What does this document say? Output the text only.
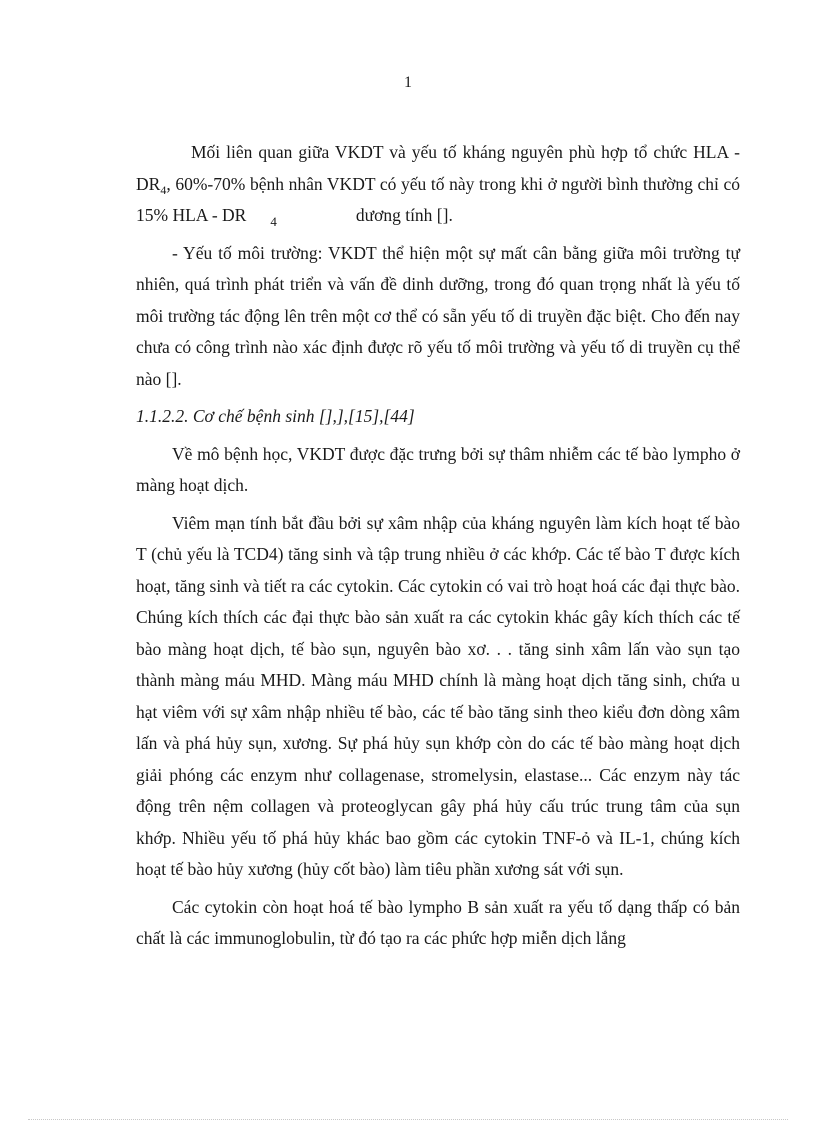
1

Mối liên quan giữa VKDT và yếu tố kháng nguyên phù hợp tổ chức HLA - $DR_4$, 60%-70% bệnh nhân VKDT có yếu tố này trong khi ở người bình thường chỉ có 15% HLA - DR $_4$	dương tính [].

- Yếu tố môi trường: VKDT thể hiện một sự mất cân bằng giữa môi trường tự nhiên, quá trình phát triển và vấn đề dinh dưỡng, trong đó quan trọng nhất là yếu tố môi trường tác động lên trên một cơ thể có sẵn yếu tố di truyền đặc biệt. Cho đến nay chưa có công trình nào xác định được rõ yếu tố môi trường và yếu tố di truyền cụ thể nào [].

1.1.2.2. Cơ chế bệnh sinh [],],[15],[44]

Về mô bệnh học, VKDT được đặc trưng bởi sự thâm nhiễm các tế bào lympho ở màng hoạt dịch.

Viêm mạn tính bắt đầu bởi sự xâm nhập của kháng nguyên làm kích hoạt tế bào T (chủ yếu là TCD4) tăng sinh và tập trung nhiều ở các khớp. Các tế bào T được kích hoạt, tăng sinh và tiết ra các cytokin. Các cytokin có vai trò hoạt hoá các đại thực bào. Chúng kích thích các đại thực bào sản xuất ra các cytokin khác gây kích thích các tế bào màng hoạt dịch, tế bào sụn, nguyên bào xơ. . . tăng sinh xâm lấn vào sụn tạo thành màng máu MHD. Màng máu MHD chính là màng hoạt dịch tăng sinh, chứa u hạt viêm với sự xâm nhập nhiều tế bào, các tế bào tăng sinh theo kiểu đơn dòng xâm lấn và phá hủy sụn, xương. Sự phá hủy sụn khớp còn do các tế bào màng hoạt dịch giải phóng các enzym như collagenase, stromelysin, elastase... Các enzym này tác động trên nệm collagen và proteoglycan gây phá hủy cấu trúc trung tâm của sụn khớp. Nhiều yếu tố phá hủy khác bao gồm các cytokin TNF-ỏ và IL-1, chúng kích hoạt tế bào hủy xương (hủy cốt bào) làm tiêu phần xương sát với sụn.

Các cytokin còn hoạt hoá tế bào lympho B sản xuất ra yếu tố dạng thấp có bản chất là các immunoglobulin, từ đó tạo ra các phức hợp miễn dịch lắng
